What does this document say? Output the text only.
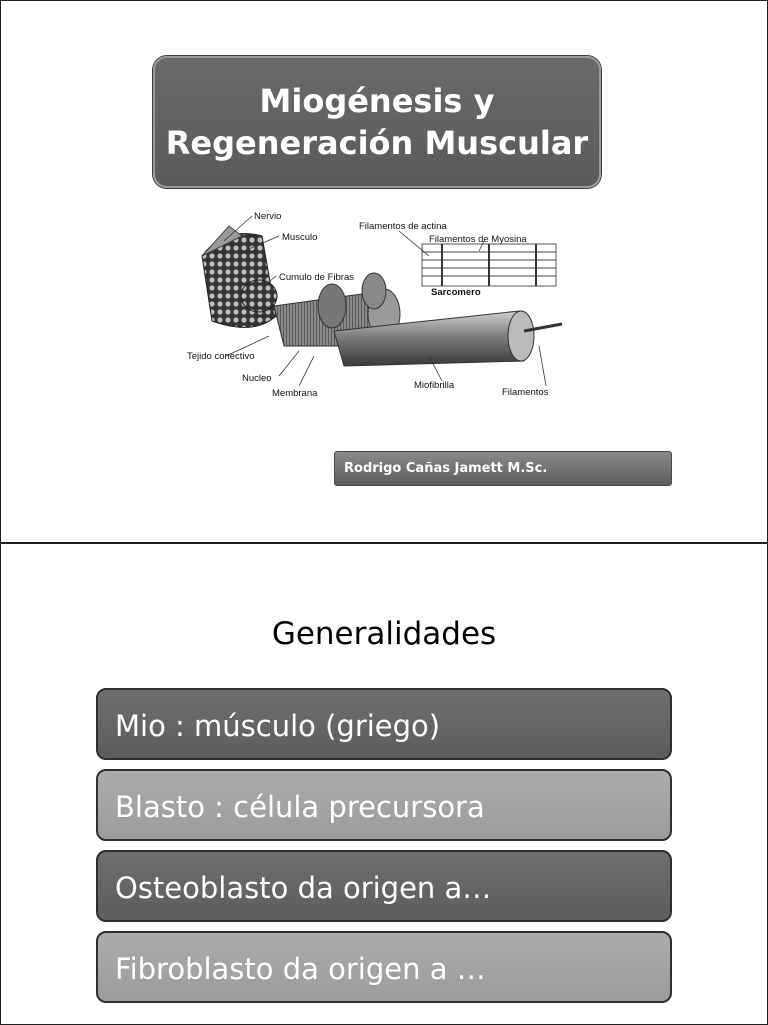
Miogénesis y
Regeneración Muscular
Nervio
Musculo
Cumulo de Fibras
Tejido conectivo
Nucleo
Membrana
Miofibrilla
Filamentos de actina
Filamentos de Myosina
Sarcomero
Filamentos
Rodrigo Cañas Jamett M.Sc.
Generalidades
Mio : músculo (griego)
Blasto : célula precursora
Osteoblasto da origen a…
Fibroblasto da origen a …
